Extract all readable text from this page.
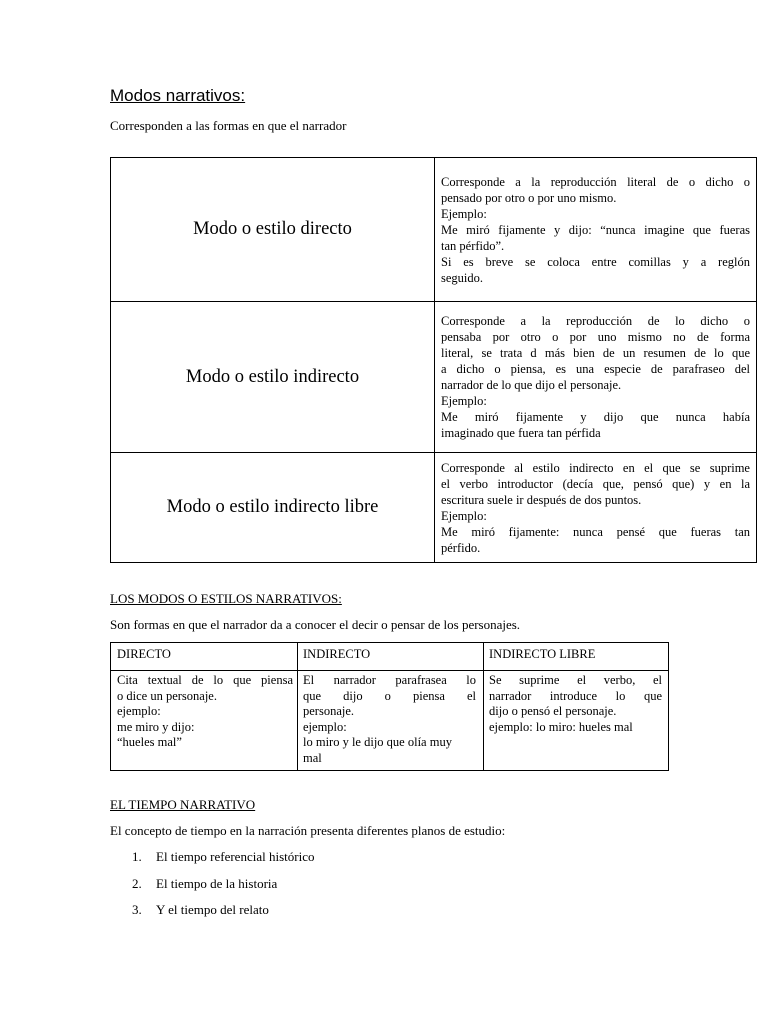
Modos narrativos:
Corresponden a las formas en que el narrador
Modo o estilo directo
Corresponde a la reproducción literal de o dicho o
pensado por otro o por uno mismo.
Ejemplo:
Me miró fijamente y dijo: “nunca imagine que fueras
tan pérfido”.
Si es breve se coloca entre comillas y a reglón
seguido.
Modo o estilo indirecto
Corresponde a la reproducción de lo dicho o
pensaba por otro o por uno mismo no de forma
literal, se trata d más bien de un resumen de lo que
a dicho o piensa, es una especie de parafraseo del
narrador de lo que dijo el personaje.
Ejemplo:
Me miró fijamente y dijo que nunca había
imaginado que fuera tan pérfida
Modo o estilo indirecto libre
Corresponde al estilo indirecto en el que se suprime
el verbo introductor (decía que, pensó que) y en la
escritura suele ir después de dos puntos.
Ejemplo:
Me miró fijamente: nunca pensé que fueras tan
pérfido.
LOS MODOS O ESTILOS NARRATIVOS:
Son formas en que el narrador da a conocer el decir o pensar de los personajes.
DIRECTO	INDIRECTO	INDIRECTO LIBRE
Cita textual de lo que piensa
o dice un personaje.
ejemplo:
me miro y dijo:
“hueles mal”
El narrador parafrasea lo
que dijo o piensa el
personaje.
ejemplo:
lo miro y le dijo que olía muy
mal
Se suprime el verbo, el
narrador introduce lo que
dijo o pensó el personaje.
ejemplo: lo miro: hueles mal
EL TIEMPO NARRATIVO
El concepto de tiempo en la narración presenta diferentes planos de estudio:
1. El tiempo referencial histórico
2. El tiempo de la historia
3. Y el tiempo del relato
